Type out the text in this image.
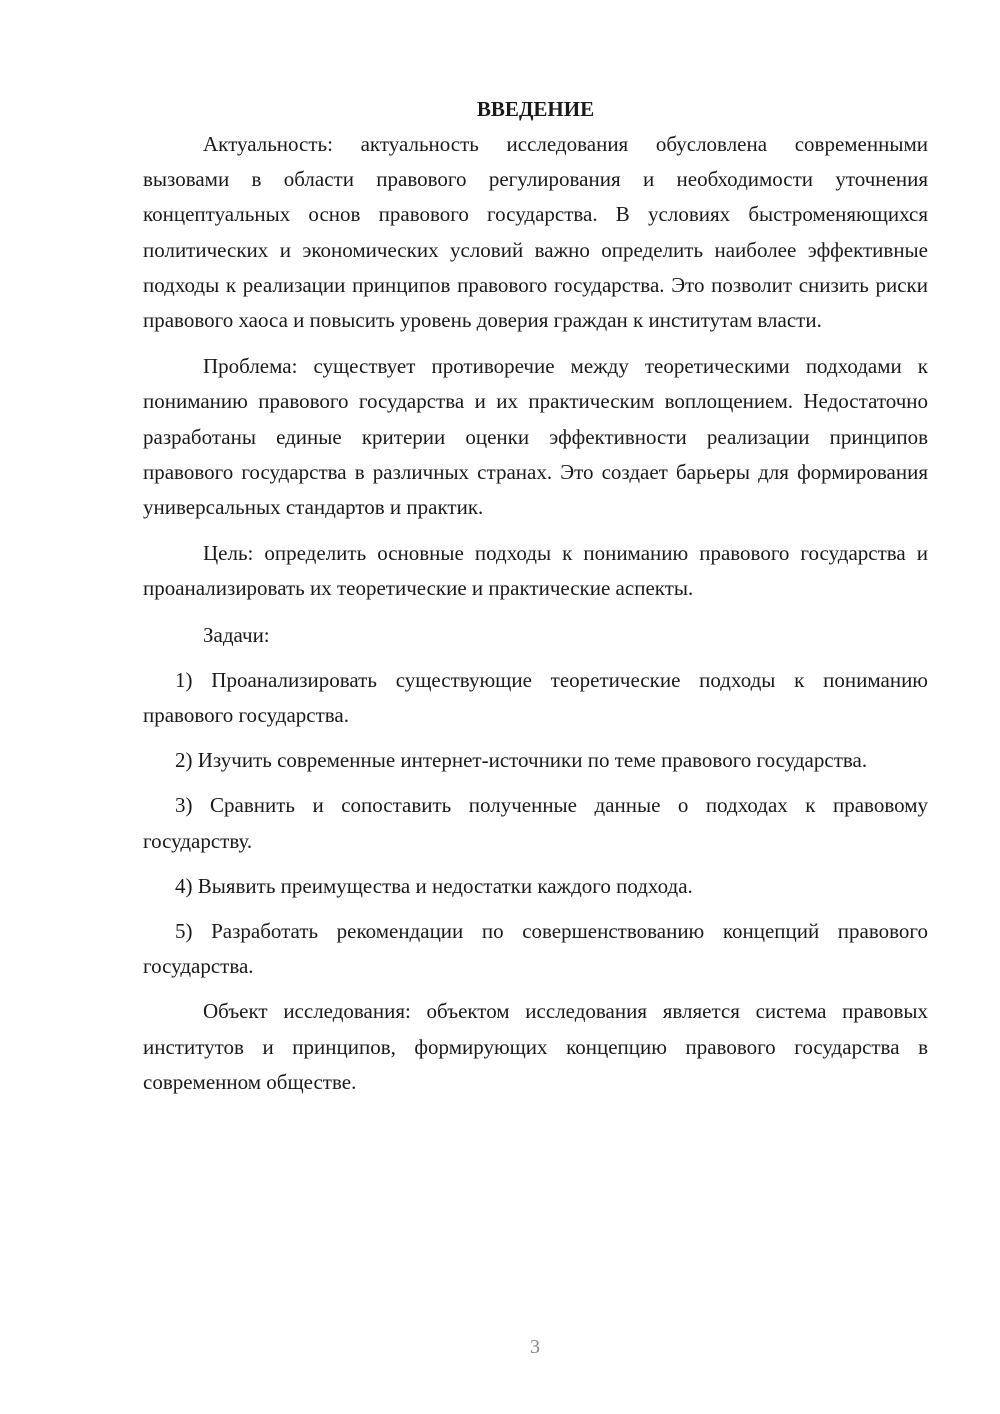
ВВЕДЕНИЕ

Актуальность: актуальность исследования обусловлена современными вызовами в области правового регулирования и необходимости уточнения концептуальных основ правового государства. В условиях быстроменяющихся политических и экономических условий важно определить наиболее эффективные подходы к реализации принципов правового государства. Это позволит снизить риски правового хаоса и повысить уровень доверия граждан к институтам власти.

Проблема: существует противоречие между теоретическими подходами к пониманию правового государства и их практическим воплощением. Недостаточно разработаны единые критерии оценки эффективности реализации принципов правового государства в различных странах. Это создает барьеры для формирования универсальных стандартов и практик.

Цель: определить основные подходы к пониманию правового государства и проанализировать их теоретические и практические аспекты.

Задачи:

1) Проанализировать существующие теоретические подходы к пониманию правового государства.

2) Изучить современные интернет-источники по теме правового государства.

3) Сравнить и сопоставить полученные данные о подходах к правовому государству.

4) Выявить преимущества и недостатки каждого подхода.

5) Разработать рекомендации по совершенствованию концепций правового государства.

Объект исследования: объектом исследования является система правовых институтов и принципов, формирующих концепцию правового государства в современном обществе.

3
